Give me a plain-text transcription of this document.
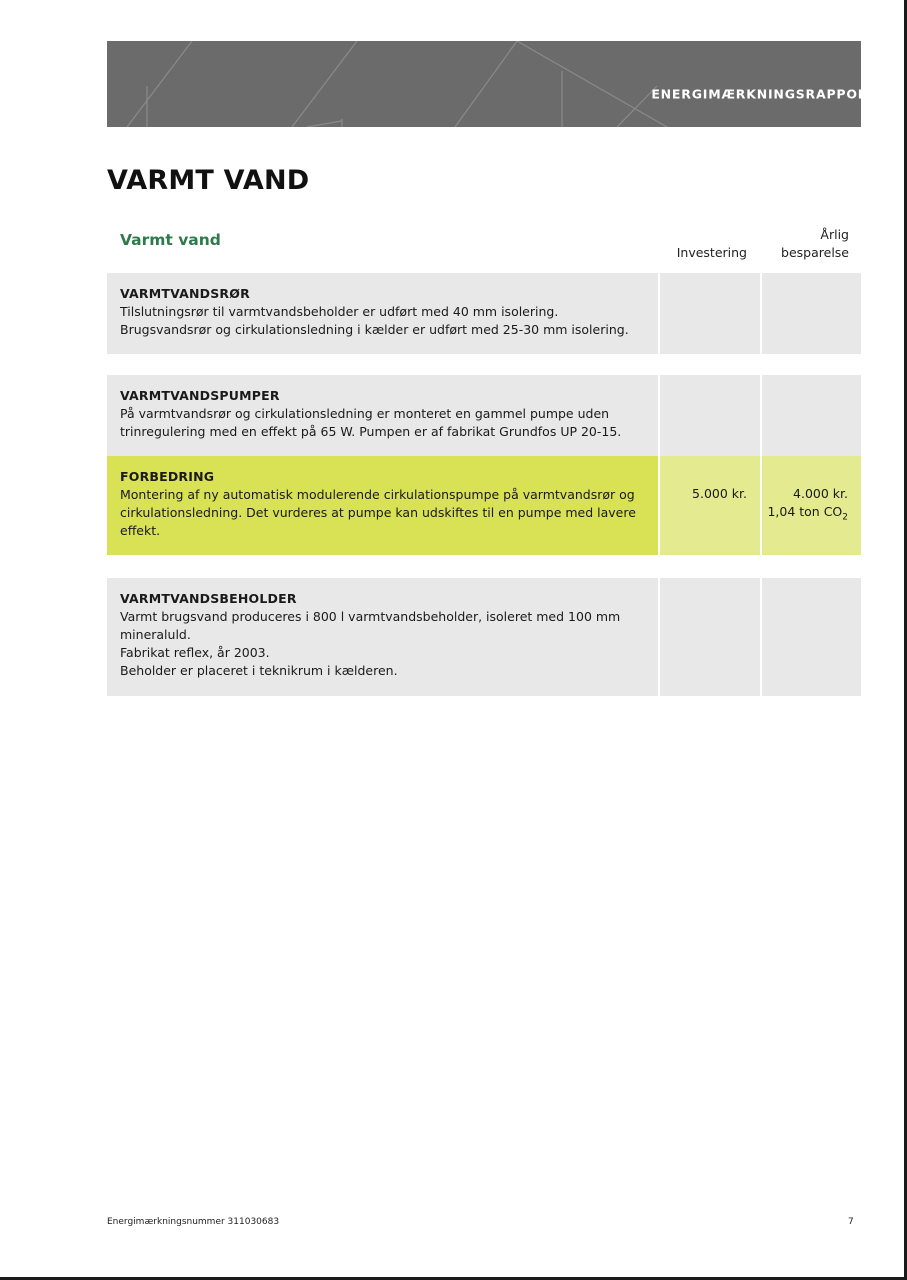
ENERGIMÆRKNINGSRAPPORT
VARMT VAND
Varmt vand
Investering
Årlig
besparelse
VARMTVANDSRØR
Tilslutningsrør til varmtvandsbeholder er udført med 40 mm isolering.
Brugsvandsrør og cirkulationsledning i kælder er udført med 25-30 mm isolering.
VARMTVANDSPUMPER
På varmtvandsrør og cirkulationsledning er monteret en gammel pumpe uden
trinregulering med en effekt på 65 W. Pumpen er af fabrikat Grundfos UP 20-15.
5.000 kr.	4.000 kr.
1,04 ton $CO_2$
FORBEDRING
Montering af ny automatisk modulerende cirkulationspumpe på varmtvandsrør og
cirkulationsledning. Det vurderes at pumpe kan udskiftes til en pumpe med lavere
effekt.
VARMTVANDSBEHOLDER
Varmt brugsvand produceres i 800 l varmtvandsbeholder, isoleret med 100 mm
mineraluld.
Fabrikat reflex, år 2003.
Beholder er placeret i teknikrum i kælderen.
Energimærkningsnummer 311030683	7
